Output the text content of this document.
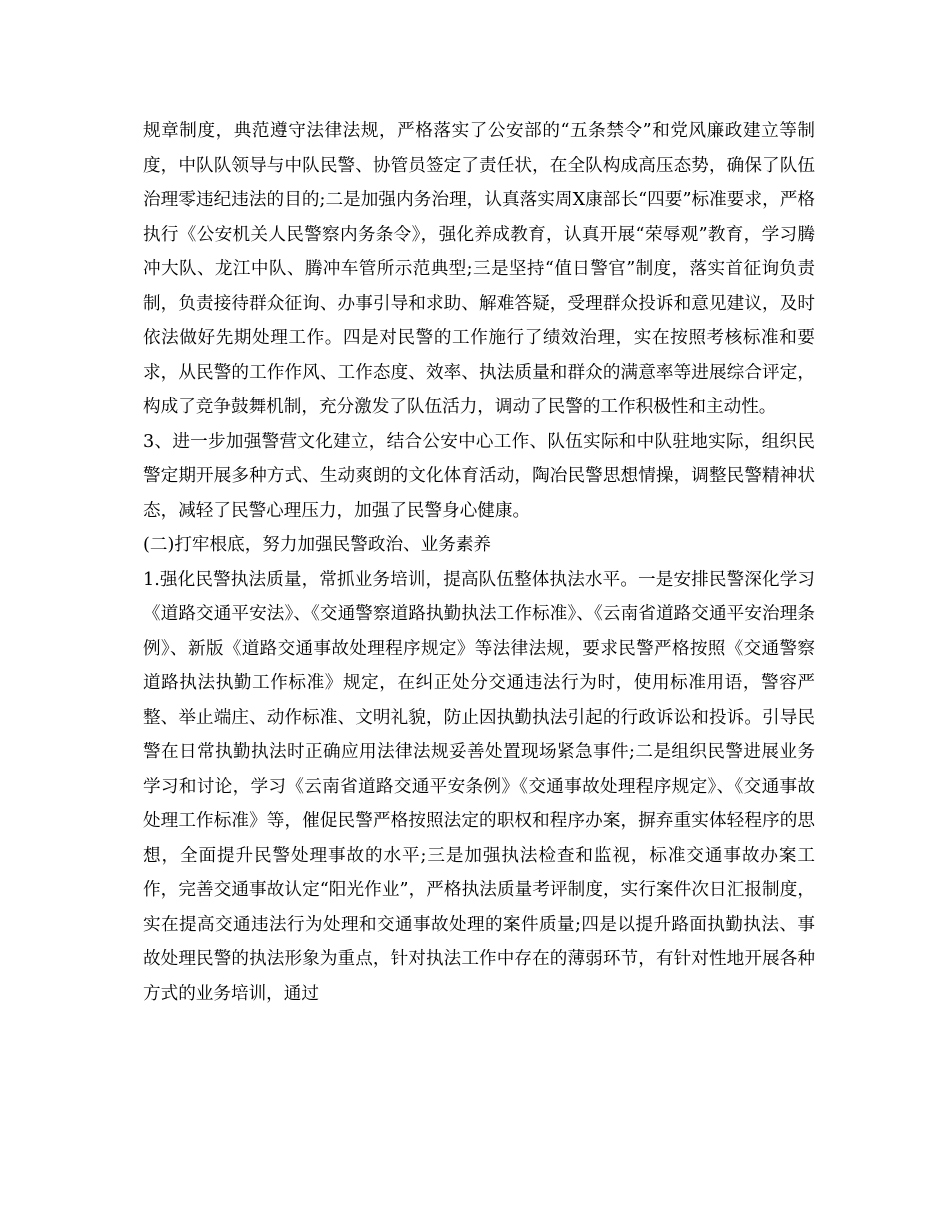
规章制度，典范遵守法律法规，严格落实了公安部的“五条禁令”和党风廉政建立等制度，中队队领导与中队民警、协管员签定了责任状，在全队构成高压态势，确保了队伍治理零违纪违法的目的;二是加强内务治理，认真落实周X康部长“四要”标准要求，严格执行《公安机关人民警察内务条令》，强化养成教育，认真开展“荣辱观”教育，学习腾冲大队、龙江中队、腾冲车管所示范典型;三是坚持“值日警官”制度，落实首征询负责制，负责接待群众征询、办事引导和求助、解难答疑，受理群众投诉和意见建议，及时依法做好先期处理工作。四是对民警的工作施行了绩效治理，实在按照考核标准和要求，从民警的工作作风、工作态度、效率、执法质量和群众的满意率等进展综合评定，构成了竞争鼓舞机制，充分激发了队伍活力，调动了民警的工作积极性和主动性。

3、进一步加强警营文化建立，结合公安中心工作、队伍实际和中队驻地实际，组织民警定期开展多种方式、生动爽朗的文化体育活动，陶冶民警思想情操，调整民警精神状态，减轻了民警心理压力，加强了民警身心健康。

(二)打牢根底，努力加强民警政治、业务素养

1.强化民警执法质量，常抓业务培训，提高队伍整体执法水平。一是安排民警深化学习《道路交通平安法》、《交通警察道路执勤执法工作标准》、《云南省道路交通平安治理条例》、新版《道路交通事故处理程序规定》等法律法规，要求民警严格按照《交通警察道路执法执勤工作标准》规定，在纠正处分交通违法行为时，使用标准用语，警容严整、举止端庄、动作标准、文明礼貌，防止因执勤执法引起的行政诉讼和投诉。引导民警在日常执勤执法时正确应用法律法规妥善处置现场紧急事件;二是组织民警进展业务学习和讨论，学习《云南省道路交通平安条例》《交通事故处理程序规定》、《交通事故处理工作标准》等，催促民警严格按照法定的职权和程序办案，摒弃重实体轻程序的思想，全面提升民警处理事故的水平;三是加强执法检查和监视，标准交通事故办案工作，完善交通事故认定“阳光作业”，严格执法质量考评制度，实行案件次日汇报制度，实在提高交通违法行为处理和交通事故处理的案件质量;四是以提升路面执勤执法、事故处理民警的执法形象为重点，针对执法工作中存在的薄弱环节，有针对性地开展各种方式的业务培训，通过
